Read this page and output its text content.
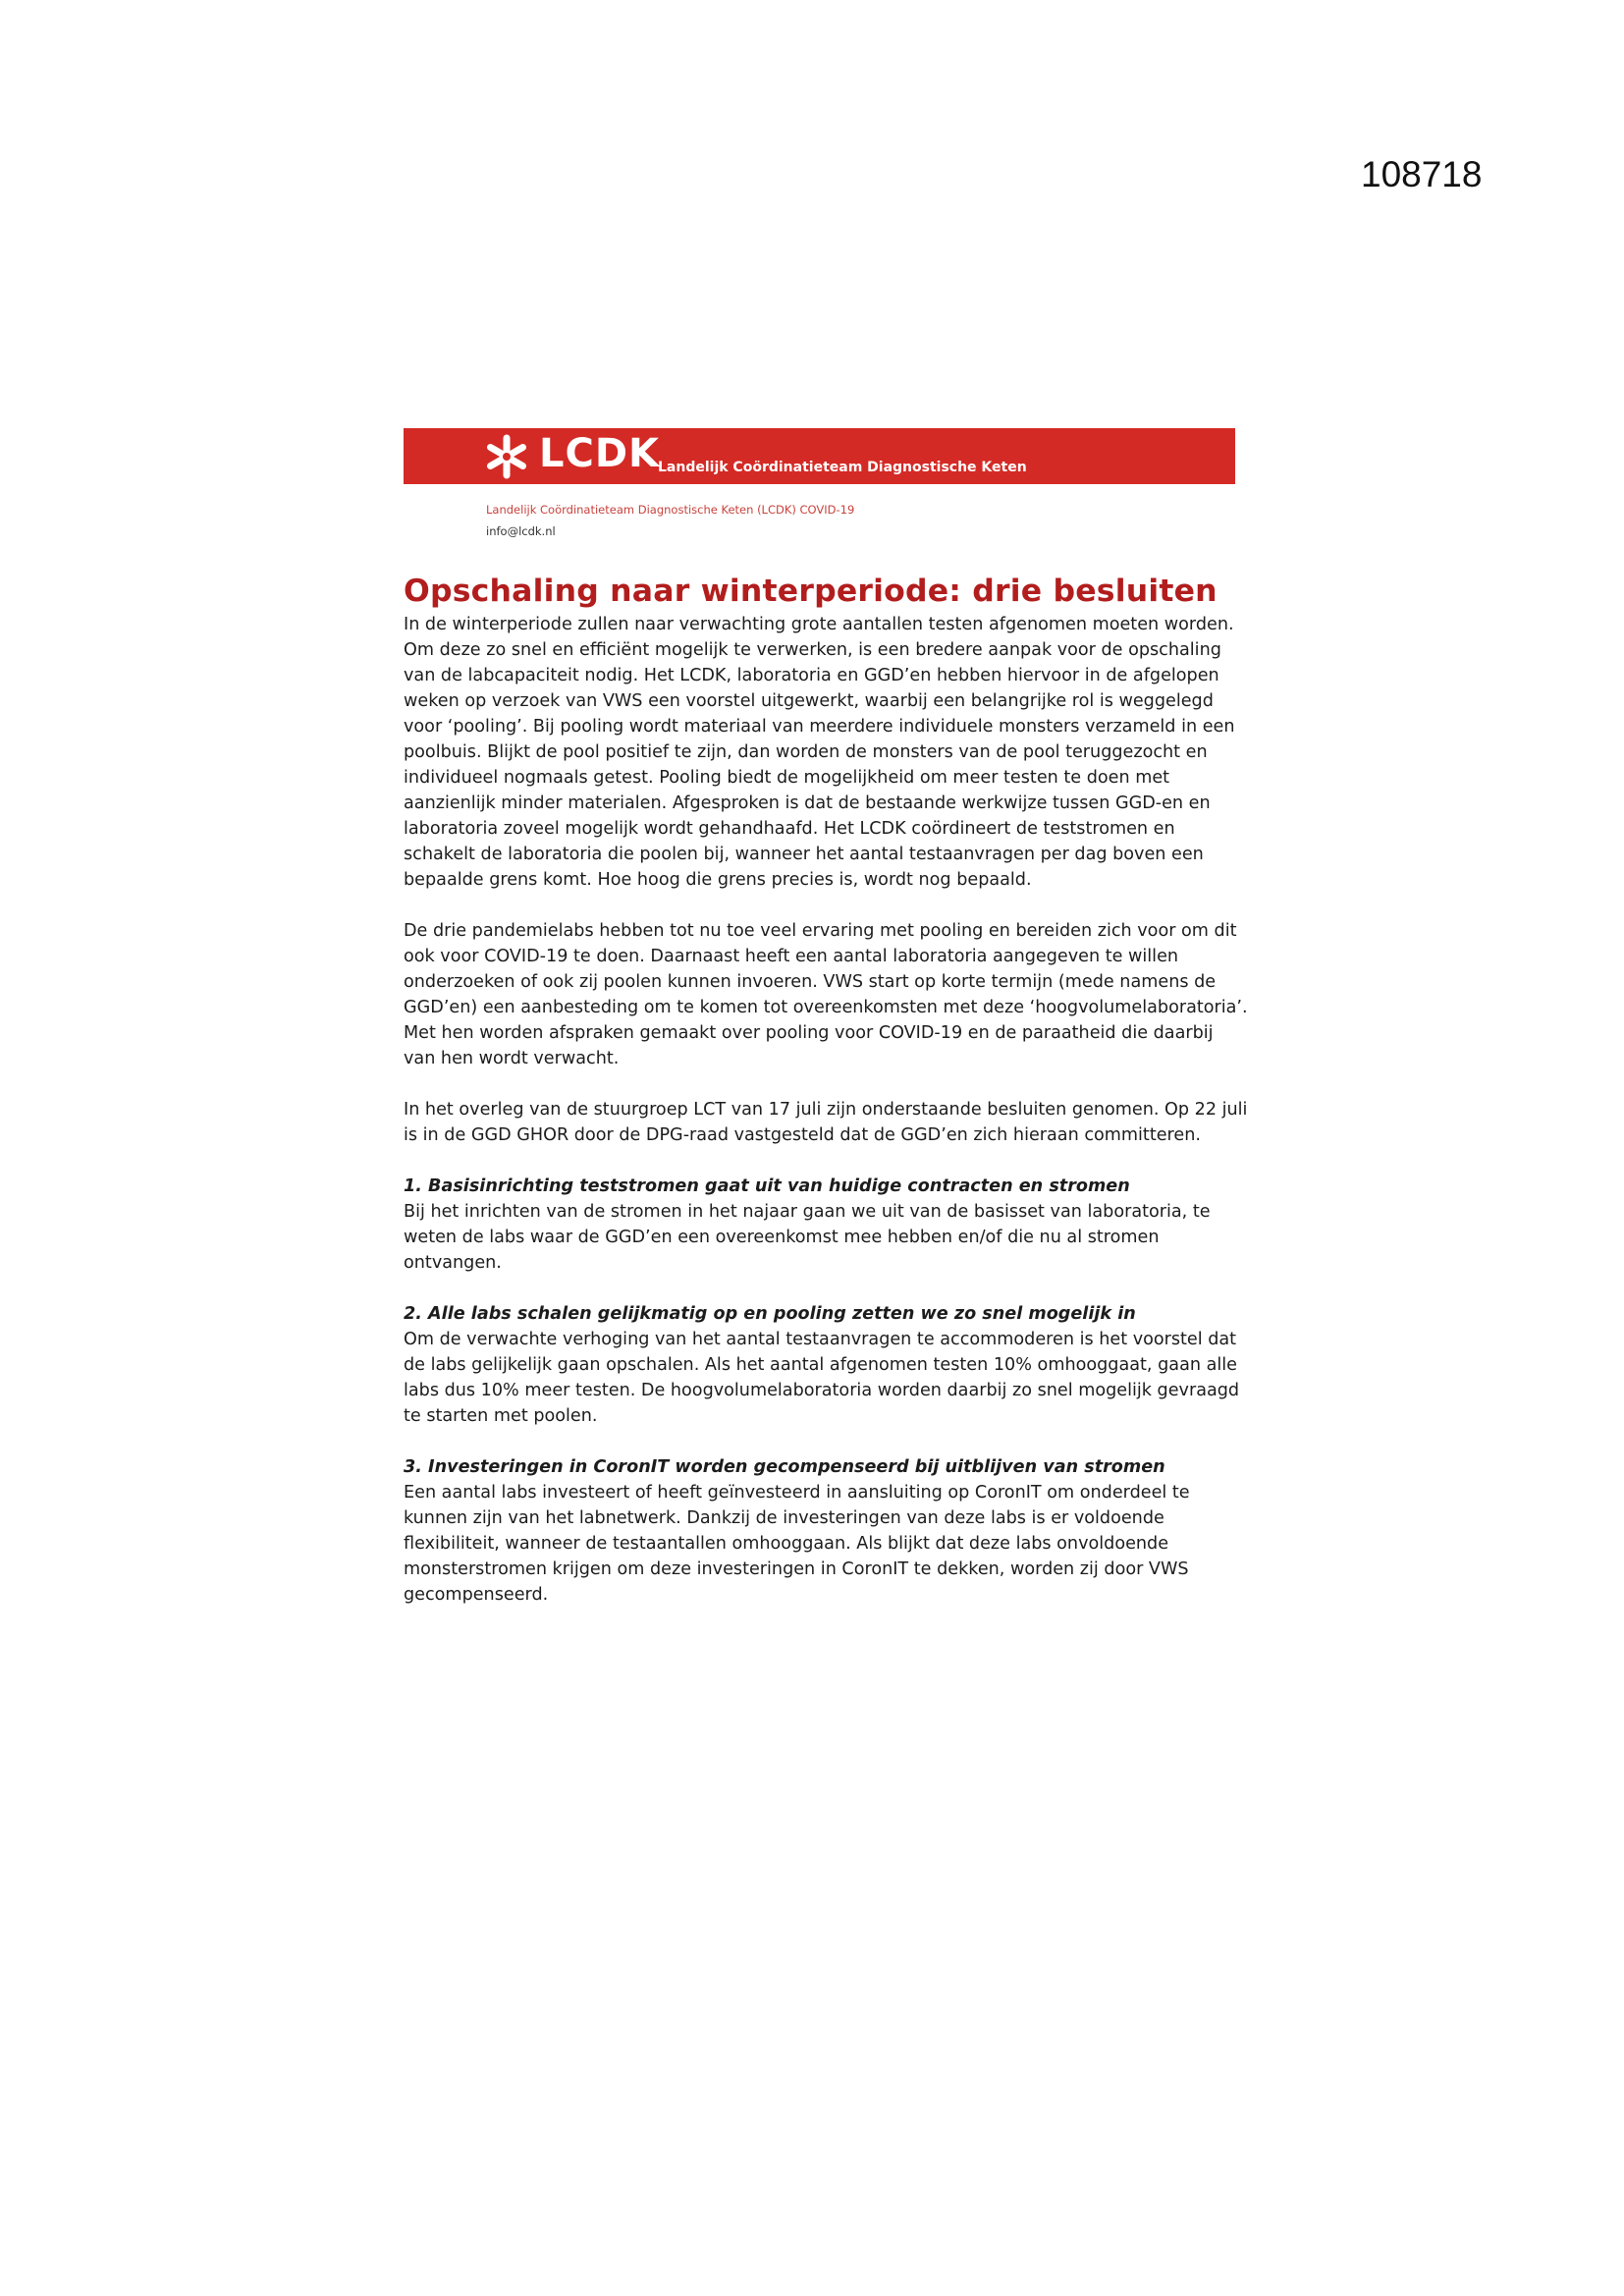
108718
LCDK
Landelijk Coördinatieteam Diagnostische Keten
Landelijk Coördinatieteam Diagnostische Keten (LCDK) COVID-19
info@lcdk.nl
Opschaling naar winterperiode: drie besluiten

In de winterperiode zullen naar verwachting grote aantallen testen afgenomen moeten worden. Om deze zo snel en efficiënt mogelijk te verwerken, is een bredere aanpak voor de opschaling van de labcapaciteit nodig. Het LCDK, laboratoria en GGD’en hebben hiervoor in de afgelopen weken op verzoek van VWS een voorstel uitgewerkt, waarbij een belangrijke rol is weggelegd voor ‘pooling’. Bij pooling wordt materiaal van meerdere individuele monsters verzameld in een poolbuis. Blijkt de pool positief te zijn, dan worden de monsters van de pool teruggezocht en individueel nogmaals getest. Pooling biedt de mogelijkheid om meer testen te doen met aanzienlijk minder materialen. Afgesproken is dat de bestaande werkwijze tussen GGD-en en laboratoria zoveel mogelijk wordt gehandhaafd. Het LCDK coördineert de teststromen en schakelt de laboratoria die poolen bij, wanneer het aantal testaanvragen per dag boven een bepaalde grens komt. Hoe hoog die grens precies is, wordt nog bepaald.

De drie pandemielabs hebben tot nu toe veel ervaring met pooling en bereiden zich voor om dit ook voor COVID-19 te doen. Daarnaast heeft een aantal laboratoria aangegeven te willen onderzoeken of ook zij poolen kunnen invoeren. VWS start op korte termijn (mede namens de GGD’en) een aanbesteding om te komen tot overeenkomsten met deze ‘hoogvolumelaboratoria’. Met hen worden afspraken gemaakt over pooling voor COVID-19 en de paraatheid die daarbij van hen wordt verwacht.

In het overleg van de stuurgroep LCT van 17 juli zijn onderstaande besluiten genomen. Op 22 juli is in de GGD GHOR door de DPG-raad vastgesteld dat de GGD’en zich hieraan committeren.

1. Basisinrichting teststromen gaat uit van huidige contracten en stromen

Bij het inrichten van de stromen in het najaar gaan we uit van de basisset van laboratoria, te weten de labs waar de GGD’en een overeenkomst mee hebben en/of die nu al stromen ontvangen.

2. Alle labs schalen gelijkmatig op en pooling zetten we zo snel mogelijk in

Om de verwachte verhoging van het aantal testaanvragen te accommoderen is het voorstel dat de labs gelijkelijk gaan opschalen. Als het aantal afgenomen testen 10% omhooggaat, gaan alle labs dus 10% meer testen. De hoogvolumelaboratoria worden daarbij zo snel mogelijk gevraagd te starten met poolen.

3. Investeringen in CoronIT worden gecompenseerd bij uitblijven van stromen

Een aantal labs investeert of heeft geïnvesteerd in aansluiting op CoronIT om onderdeel te kunnen zijn van het labnetwerk. Dankzij de investeringen van deze labs is er voldoende flexibiliteit, wanneer de testaantallen omhooggaan. Als blijkt dat deze labs onvoldoende monsterstromen krijgen om deze investeringen in CoronIT te dekken, worden zij door VWS gecompenseerd.
